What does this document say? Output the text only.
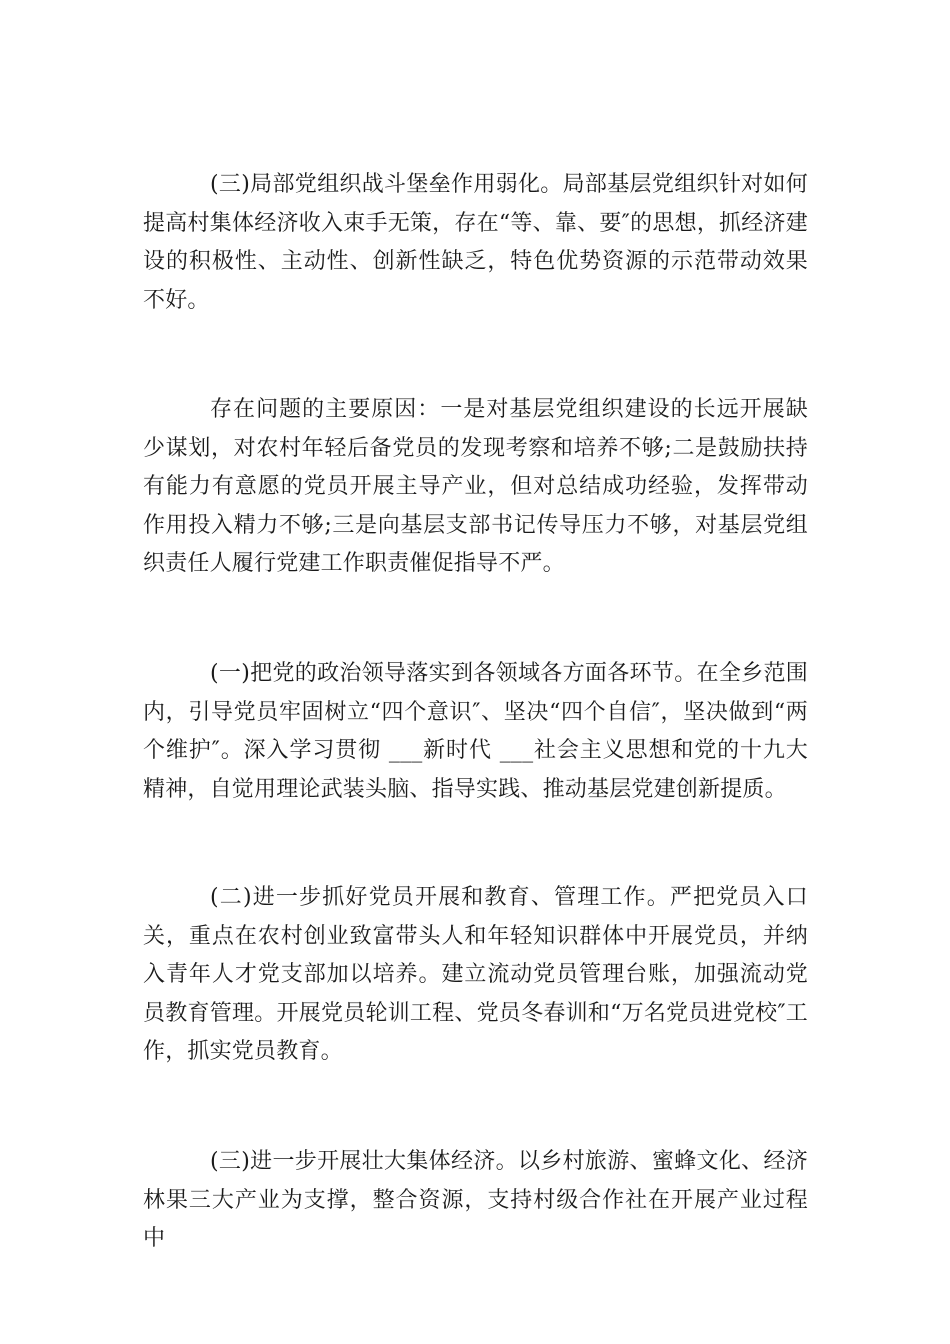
(三)局部党组织战斗堡垒作用弱化。局部基层党组织针对如何提高村集体经济收入束手无策，存在“等、靠、要″的思想，抓经济建设的积极性、主动性、创新性缺乏，特色优势资源的示范带动效果不好。

存在问题的主要原因：一是对基层党组织建设的长远开展缺少谋划，对农村年轻后备党员的发现考察和培养不够;二是鼓励扶持有能力有意愿的党员开展主导产业，但对总结成功经验，发挥带动作用投入精力不够;三是向基层支部书记传导压力不够，对基层党组织责任人履行党建工作职责催促指导不严。

(一)把党的政治领导落实到各领域各方面各环节。在全乡范围内，引导党员牢固树立“四个意识″、坚决“四个自信″，坚决做到“两个维护″。深入学习贯彻 ___新时代 ___社会主义思想和党的十九大精神，自觉用理论武装头脑、指导实践、推动基层党建创新提质。

(二)进一步抓好党员开展和教育、管理工作。严把党员入口关，重点在农村创业致富带头人和年轻知识群体中开展党员，并纳入青年人才党支部加以培养。建立流动党员管理台账，加强流动党员教育管理。开展党员轮训工程、党员冬春训和“万名党员进党校″工作，抓实党员教育。

(三)进一步开展壮大集体经济。以乡村旅游、蜜蜂文化、经济林果三大产业为支撑，整合资源，支持村级合作社在开展产业过程中
